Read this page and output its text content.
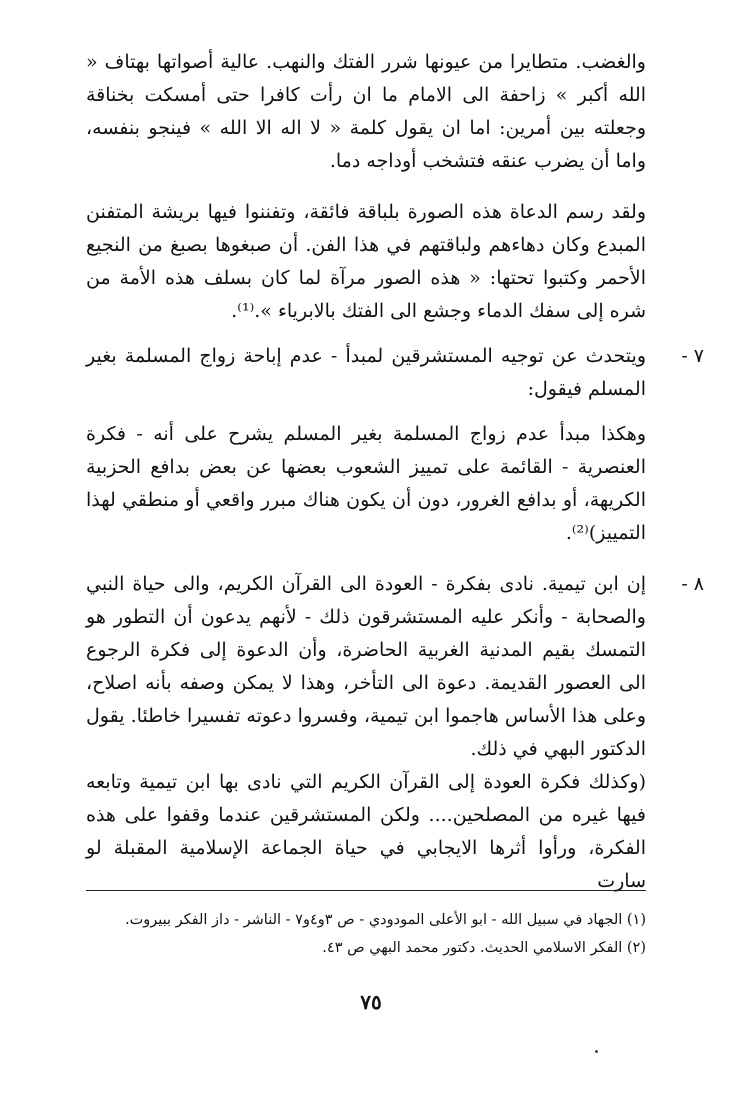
والغضب. متطايرا من عيونها شرر الفتك والنهب. عالية أصواتها بهتاف « الله أكبر » زاحفة الى الامام ما ان رأت كافرا حتى أمسكت بخناقة وجعلته بين أمرين: اما ان يقول كلمة « لا اله الا الله » فينجو بنفسه، واما أن يضرب عنقه فتشخب أوداجه دما.

ولقد رسم الدعاة هذه الصورة بلباقة فائقة، وتفننوا فيها بريشة المتفنن المبدع وكان دهاءهم ولباقتهم في هذا الفن. أن صبغوها بصبغ من النجيع الأحمر وكتبوا تحتها: « هذه الصور مرآة لما كان بسلف هذه الأمة من شره إلى سفك الدماء وجشع الى الفتك بالابرياء ».⁽¹⁾.

٧ -

ويتحدث عن توجيه المستشرقين لمبدأ - عدم إباحة زواج المسلمة بغير المسلم فيقول:

وهكذا مبدأ عدم زواج المسلمة بغير المسلم يشرح على أنه - فكرة العنصرية - القائمة على تمييز الشعوب بعضها عن بعض بدافع الحزبية الكريهة، أو بدافع الغرور، دون أن يكون هناك مبرر واقعي أو منطقي لهذا التمييز)⁽²⁾.

٨ -

إن ابن تيمية. نادى بفكرة - العودة الى القرآن الكريم، والى حياة النبي والصحابة - وأنكر عليه المستشرقون ذلك - لأنهم يدعون أن التطور هو التمسك بقيم المدنية الغربية الحاضرة، وأن الدعوة إلى فكرة الرجوع الى العصور القديمة. دعوة الى التأخر، وهذا لا يمكن وصفه بأنه اصلاح، وعلى هذا الأساس هاجموا ابن تيمية، وفسروا دعوته تفسيرا خاطئا. يقول الدكتور البهي في ذلك.

(وكذلك فكرة العودة إلى القرآن الكريم التي نادى بها ابن تيمية وتابعه فيها غيره من المصلحين.... ولكن المستشرقين عندما وقفوا على هذه الفكرة، ورأوا أثرها الايجابي في حياة الجماعة الإسلامية المقبلة لو سارت

(١) الجهاد في سبيل الله - ابو الأعلى المودودي - ص ٣و٤و٧ - الناشر - داز الفكر ببيروت.

(٢) الفكر الاسلامي الحديث. دكتور محمد البهي ص ٤٣.

٧٥
